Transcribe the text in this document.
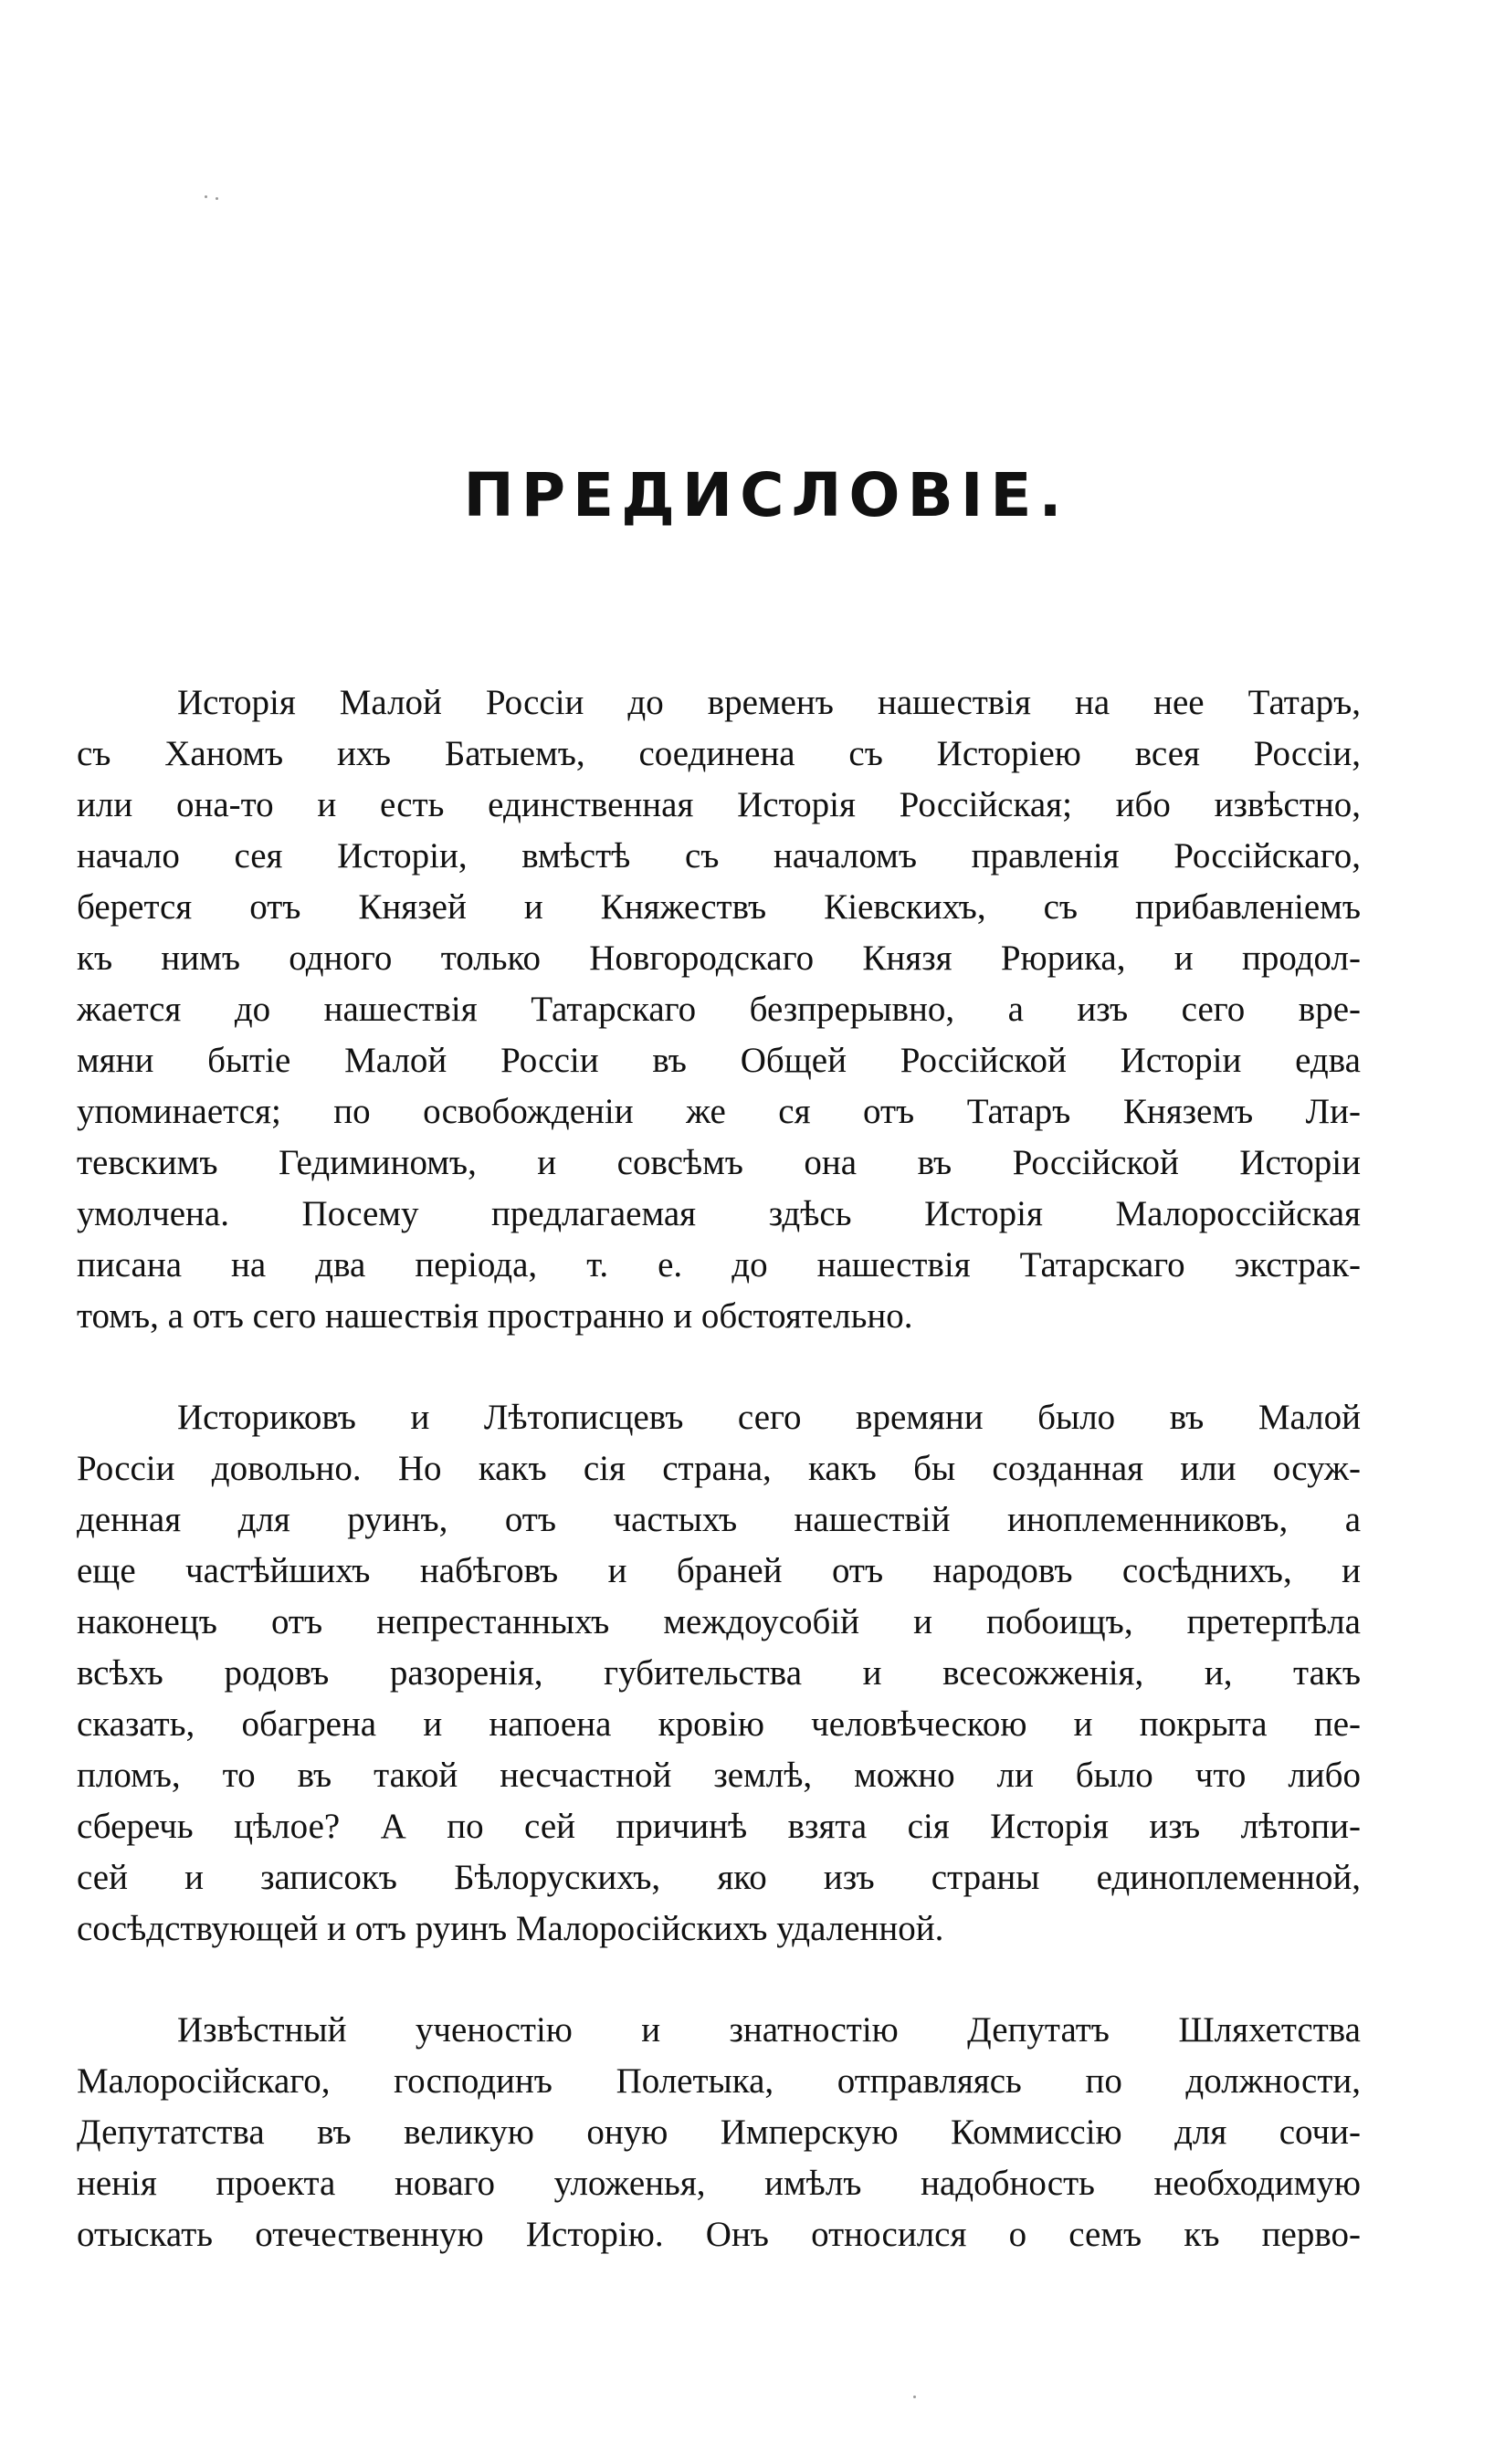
ПРЕДИСЛОВІЕ.
Исторія Малой Россіи до временъ нашествія на нее Татаръ,
съ Ханомъ ихъ Батыемъ, соединена съ Исторіею всея Россіи,
или она-то и есть единственная Исторія Россійская; ибо извѣстно,
начало сея Исторіи, вмѣстѣ съ началомъ правленія Россійскаго,
берется отъ Князей и Княжествъ Кіевскихъ, съ прибавленіемъ
къ нимъ одного только Новгородскаго Князя Рюрика, и продол-
жается до нашествія Татарскаго безпрерывно, а изъ сего вре-
мяни бытіе Малой Россіи въ Общей Россійской Исторіи едва
упоминается; по освобожденіи же ся отъ Татаръ Княземъ Ли-
тевскимъ Гедиминомъ, и совсѣмъ она въ Россійской Исторіи
умолчена. Посему предлагаемая здѣсь Исторія Малороссійская
писана на два періода, т. е. до нашествія Татарскаго экстрак-
томъ, а отъ сего нашествія пространно и обстоятельно.
Историковъ и Лѣтописцевъ сего времяни было въ Малой
Россіи довольно. Но какъ сія страна, какъ бы созданная или осуж-
денная для руинъ, отъ частыхъ нашествій иноплеменниковъ, а
еще частѣйшихъ набѣговъ и браней отъ народовъ сосѣднихъ, и
наконецъ отъ непрестанныхъ междоусобій и побоищъ, претерпѣла
всѣхъ родовъ разоренія, губительства и всесожженія, и, такъ
сказать, обагрена и напоена кровію человѣческою и покрыта пе-
пломъ, то въ такой несчастной землѣ, можно ли было что либо
сберечь цѣлое? А по сей причинѣ взята сія Исторія изъ лѣтопи-
сей и записокъ Бѣлорускихъ, яко изъ страны единоплеменной,
сосѣдствующей и отъ руинъ Малоросійскихъ удаленной.
Извѣстный ученостію и знатностію Депутатъ Шляхетства
Малоросійскаго, господинъ Полетыка, отправляясь по должности,
Депутатства въ великую оную Имперскую Коммиссію для сочи-
ненія проекта новаго уложенья, имѣлъ надобность необходимую
отыскать отечественную Исторію. Онъ относился о семъ къ перво-
